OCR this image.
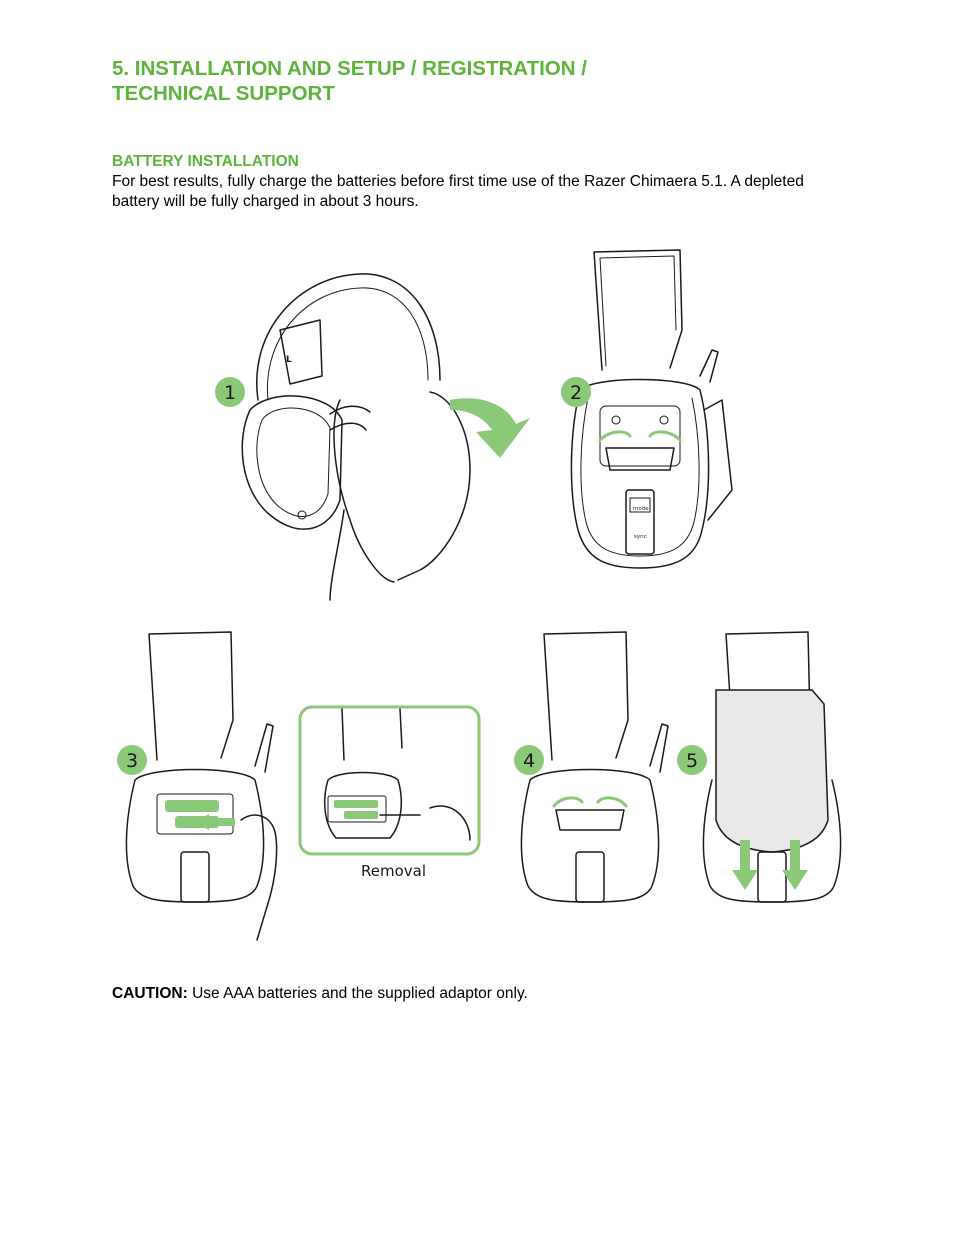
5. INSTALLATION AND SETUP / REGISTRATION /
TECHNICAL SUPPORT
BATTERY INSTALLATION

For best results, fully charge the batteries before first time use of the Razer Chimaera 5.1. A depleted battery will be fully charged in about 3 hours.

L
1
mode
sync
2
3
Removal
4	5

CAUTION: Use AAA batteries and the supplied adaptor only.
